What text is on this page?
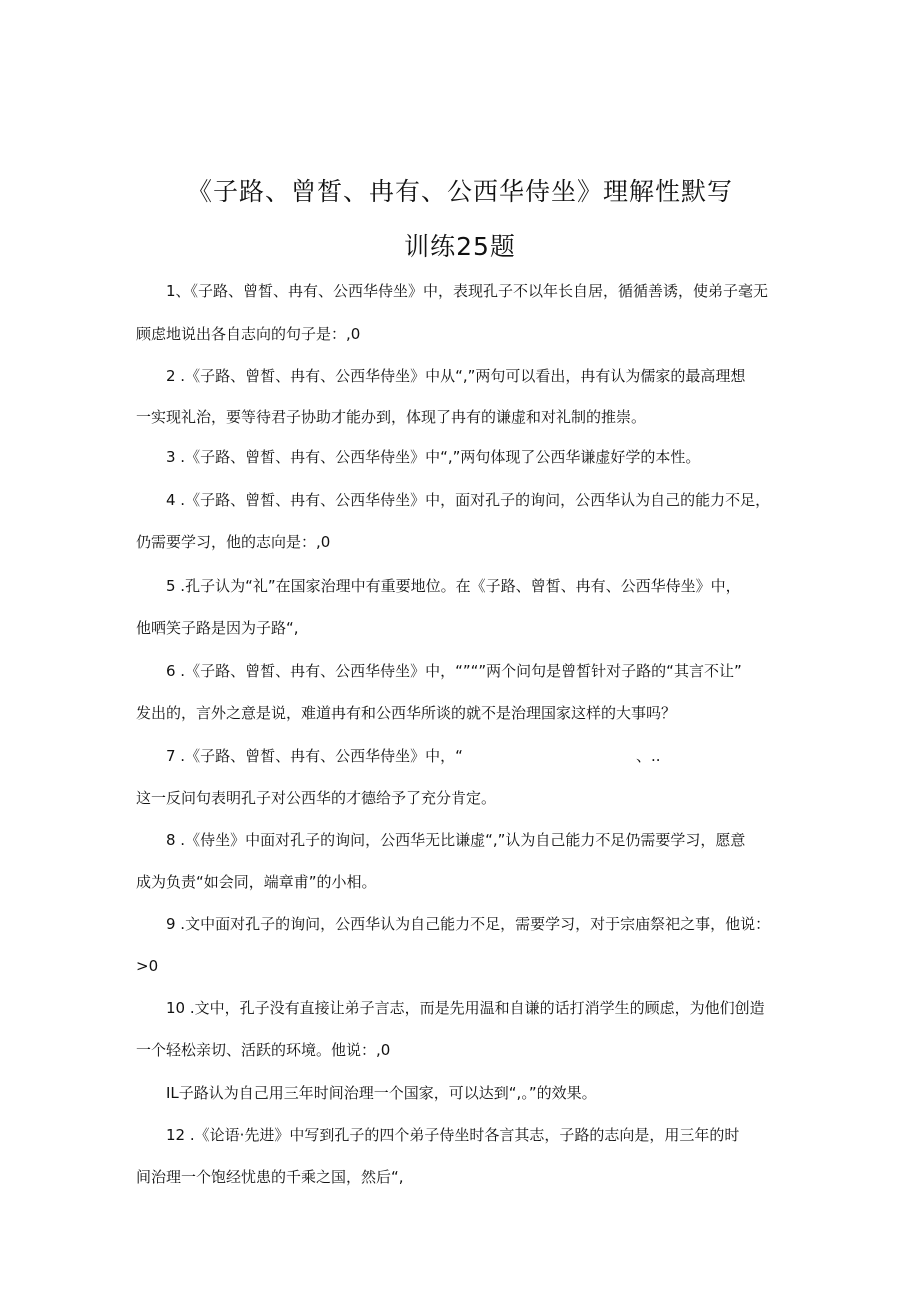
《子路、曾皙、冉有、公西华侍坐》理解性默写
训练25题
1、《子路、曾皙、冉有、公西华侍坐》中，表现孔子不以年长自居，循循善诱，使弟子毫无
顾虑地说出各自志向的句子是：,0
2 .《子路、曾皙、冉有、公西华侍坐》中从“,”两句可以看出，冉有认为儒家的最高理想
一实现礼治，要等待君子协助才能办到，体现了冉有的谦虚和对礼制的推崇。
3 .《子路、曾皙、冉有、公西华侍坐》中“,”两句体现了公西华谦虚好学的本性。
4 .《子路、曾皙、冉有、公西华侍坐》中，面对孔子的询问，公西华认为自己的能力不足，
仍需要学习，他的志向是：,0
5 .孔子认为“礼”在国家治理中有重要地位。在《子路、曾皙、冉有、公西华侍坐》中，
他哂笑子路是因为子路“,
6 .《子路、曾皙、冉有、公西华侍坐》中，“”“”两个问句是曾皙针对子路的“其言不让”
发出的，言外之意是说，难道冉有和公西华所谈的就不是治理国家这样的大事吗？
7 .《子路、曾皙、冉有、公西华侍坐》中，“	、..
这一反问句表明孔子对公西华的才德给予了充分肯定。
8 .《侍坐》中面对孔子的询问，公西华无比谦虚“,”认为自己能力不足仍需要学习，愿意
成为负责“如会同，端章甫”的小相。
9 .文中面对孔子的询问，公西华认为自己能力不足，需要学习，对于宗庙祭祀之事，他说：
>0
10 .文中，孔子没有直接让弟子言志，而是先用温和自谦的话打消学生的顾虑，为他们创造
一个轻松亲切、活跃的环境。他说：,0
IL子路认为自己用三年时间治理一个国家，可以达到“,。”的效果。
12 .《论语·先进》中写到孔子的四个弟子侍坐时各言其志，子路的志向是，用三年的时
间治理一个饱经忧患的千乘之国，然后“,
